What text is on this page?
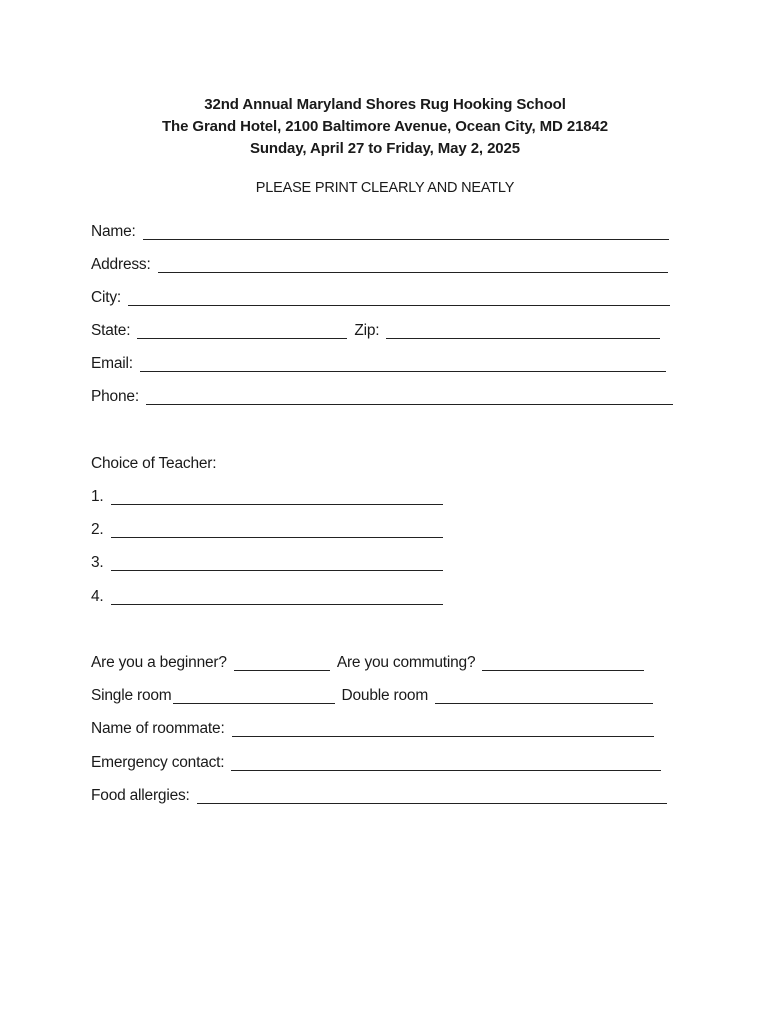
32nd Annual Maryland Shores Rug Hooking School
The Grand Hotel, 2100 Baltimore Avenue, Ocean City, MD 21842
Sunday, April 27 to Friday, May 2, 2025
PLEASE PRINT CLEARLY AND NEATLY
Name:
Address:
City:
State:	Zip:
Email:
Phone:
Choice of Teacher:
1.
2.
3.
4.
Are you a beginner?	Are you commuting?
Single room	Double room
Name of roommate:
Emergency contact:
Food allergies:
